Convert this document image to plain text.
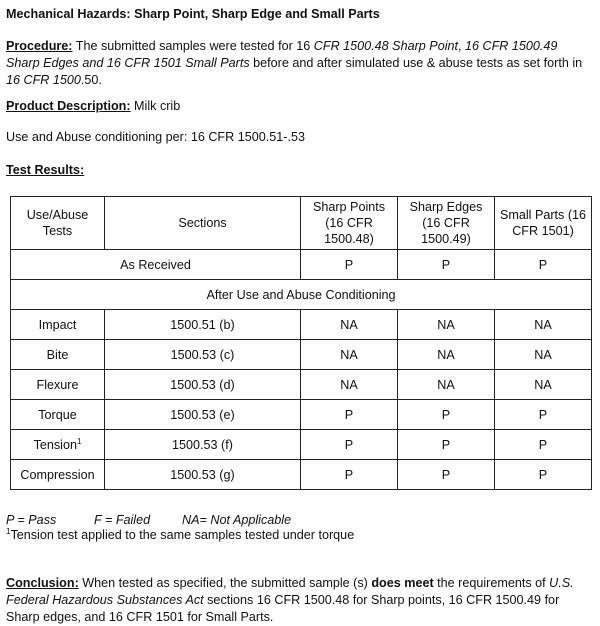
Mechanical Hazards: Sharp Point, Sharp Edge and Small Parts
Procedure: The submitted samples were tested for 16 CFR 1500.48 Sharp Point, 16 CFR 1500.49 Sharp Edges and 16 CFR 1501 Small Parts before and after simulated use & abuse tests as set forth in 16 CFR 1500.50.
Product Description: Milk crib
Use and Abuse conditioning per: 16 CFR 1500.51-.53
Test Results:
Use/Abuse Tests	Sections	Sharp Points (16 CFR 1500.48)	Sharp Edges (16 CFR 1500.49)	Small Parts (16 CFR 1501)
As Received		P	P	P
After Use and Abuse Conditioning				
Impact	1500.51 (b)	NA	NA	NA
Bite	1500.53 (c)	NA	NA	NA
Flexure	1500.53 (d)	NA	NA	NA
Torque	1500.53 (e)	P	P	P
Tension$^1$	1500.53 (f)	P	P	P
Compression	1500.53 (g)	P	P	P
P = Pass	F = Failed	NA= Not Applicable
$^1$Tension test applied to the same samples tested under torque
Conclusion: When tested as specified, the submitted sample (s) does meet the requirements of U.S. Federal Hazardous Substances Act sections 16 CFR 1500.48 for Sharp points, 16 CFR 1500.49 for Sharp edges, and 16 CFR 1501 for Small Parts.
